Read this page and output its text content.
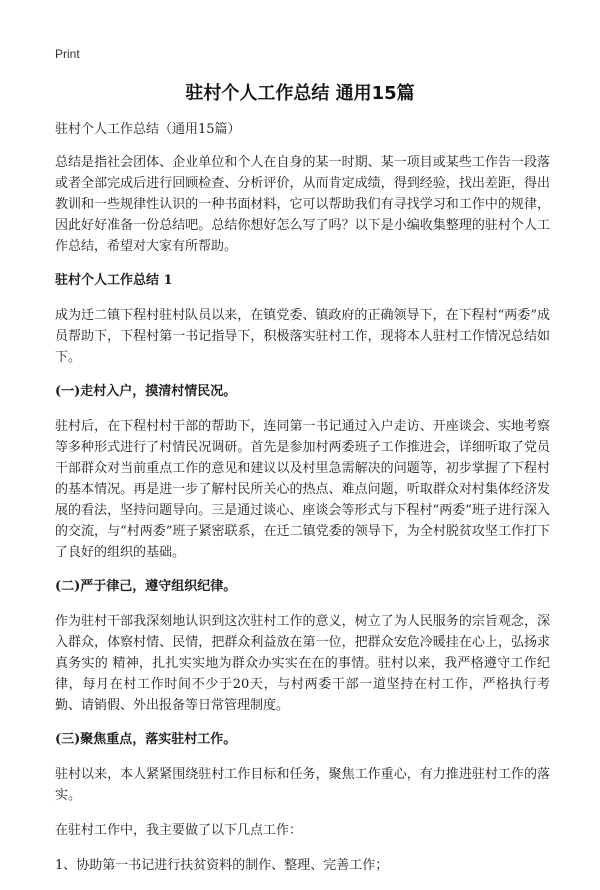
Print
驻村个人工作总结 通用15篇

驻村个人工作总结（通用15篇）

总结是指社会团体、企业单位和个人在自身的某一时期、某一项目或某些工作告一段落或者全部完成后进行回顾检查、分析评价，从而肯定成绩，得到经验，找出差距，得出教训和一些规律性认识的一种书面材料，它可以帮助我们有寻找学习和工作中的规律，因此好好准备一份总结吧。总结你想好怎么写了吗？以下是小编收集整理的驻村个人工作总结，希望对大家有所帮助。

驻村个人工作总结 1

成为迁二镇下程村驻村队员以来，在镇党委、镇政府的正确领导下，在下程村“两委”成员帮助下，下程村第一书记指导下，积极落实驻村工作，现将本人驻村工作情况总结如下。

(一)走村入户，摸清村情民况。

驻村后，在下程村村干部的帮助下，连同第一书记通过入户走访、开座谈会、实地考察等多种形式进行了村情民况调研。首先是参加村两委班子工作推进会，详细听取了党员干部群众对当前重点工作的意见和建议以及村里急需解决的问题等，初步掌握了下程村的基本情况。再是进一步了解村民所关心的热点、难点问题，听取群众对村集体经济发展的看法，坚持问题导向。三是通过谈心、座谈会等形式与下程村“两委”班子进行深入的交流，与“村两委”班子紧密联系，在迁二镇党委的领导下，为全村脱贫攻坚工作打下了良好的组织的基础。

(二)严于律己，遵守组织纪律。

作为驻村干部我深刻地认识到这次驻村工作的意义，树立了为人民服务的宗旨观念，深入群众，体察村情、民情，把群众利益放在第一位，把群众安危冷暖挂在心上，弘扬求真务实的 精神，扎扎实实地为群众办实实在在的事情。驻村以来，我严格遵守工作纪律，每月在村工作时间不少于20天，与村两委干部一道坚持在村工作，严格执行考勤、请销假、外出报备等日常管理制度。

(三)聚焦重点，落实驻村工作。

驻村以来，本人紧紧围绕驻村工作目标和任务，聚焦工作重心，有力推进驻村工作的落实。

在驻村工作中，我主要做了以下几点工作：

1、协助第一书记进行扶贫资料的制作、整理、完善工作；
